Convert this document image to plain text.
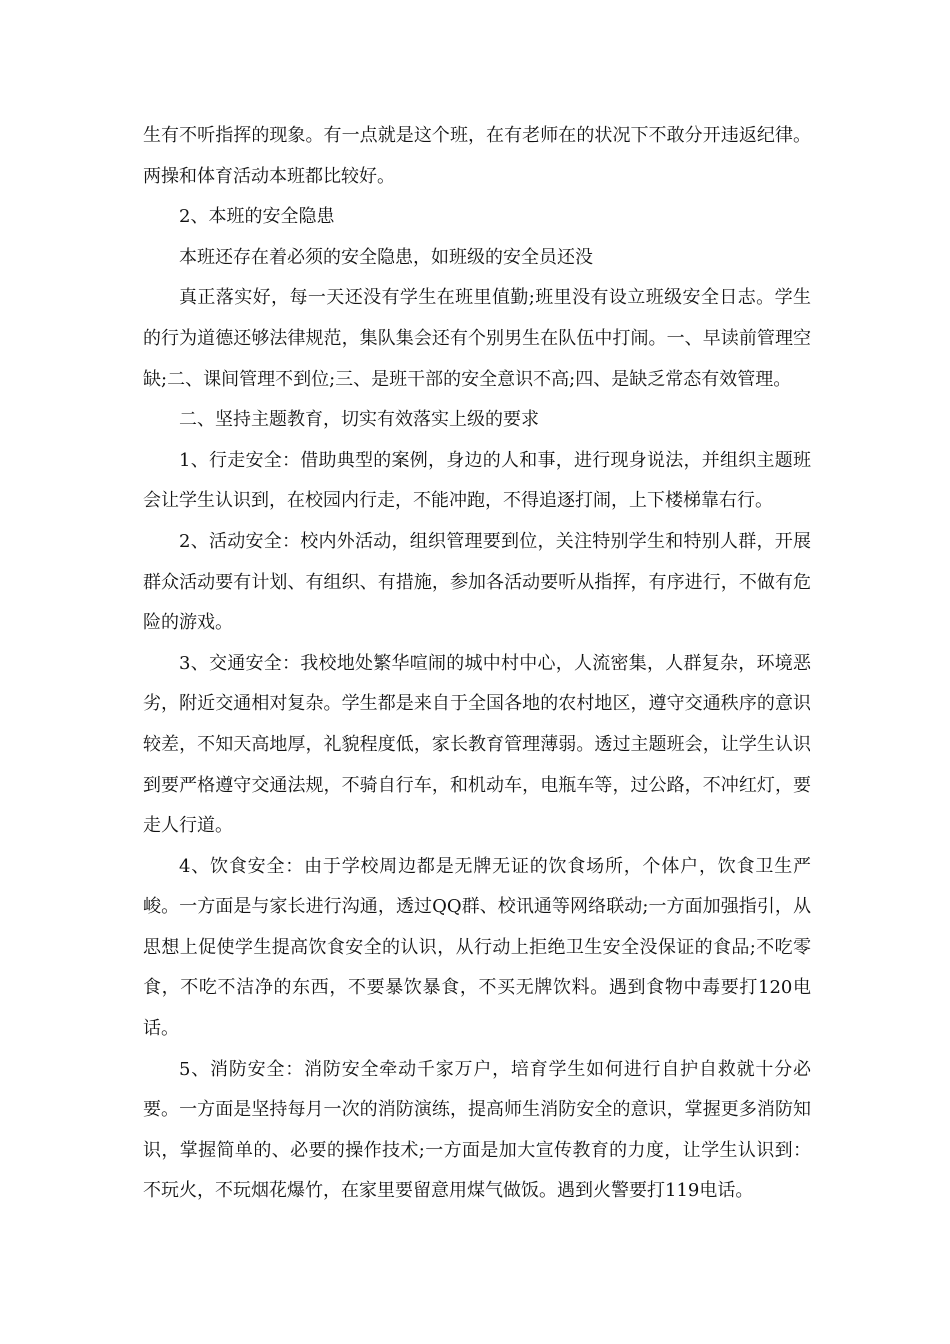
生有不听指挥的现象。有一点就是这个班，在有老师在的状况下不敢分开违返纪律。两操和体育活动本班都比较好。

2、本班的安全隐患

本班还存在着必须的安全隐患，如班级的安全员还没

真正落实好，每一天还没有学生在班里值勤;班里没有设立班级安全日志。学生的行为道德还够法律规范，集队集会还有个别男生在队伍中打闹。一、早读前管理空缺;二、课间管理不到位;三、是班干部的安全意识不高;四、是缺乏常态有效管理。

二、坚持主题教育，切实有效落实上级的要求

1、行走安全：借助典型的案例，身边的人和事，进行现身说法，并组织主题班会让学生认识到，在校园内行走，不能冲跑，不得追逐打闹，上下楼梯靠右行。

2、活动安全：校内外活动，组织管理要到位，关注特别学生和特别人群，开展群众活动要有计划、有组织、有措施，参加各活动要听从指挥，有序进行，不做有危险的游戏。

3、交通安全：我校地处繁华喧闹的城中村中心，人流密集，人群复杂，环境恶劣，附近交通相对复杂。学生都是来自于全国各地的农村地区，遵守交通秩序的意识较差，不知天高地厚，礼貌程度低，家长教育管理薄弱。透过主题班会，让学生认识到要严格遵守交通法规，不骑自行车，和机动车，电瓶车等，过公路，不冲红灯，要走人行道。

4、饮食安全：由于学校周边都是无牌无证的饮食场所，个体户，饮食卫生严峻。一方面是与家长进行沟通，透过QQ群、校讯通等网络联动;一方面加强指引，从思想上促使学生提高饮食安全的认识，从行动上拒绝卫生安全没保证的食品;不吃零食，不吃不洁净的东西，不要暴饮暴食，不买无牌饮料。遇到食物中毒要打120电话。

5、消防安全：消防安全牵动千家万户，培育学生如何进行自护自救就十分必要。一方面是坚持每月一次的消防演练，提高师生消防安全的意识，掌握更多消防知识，掌握简单的、必要的操作技术;一方面是加大宣传教育的力度，让学生认识到：不玩火，不玩烟花爆竹，在家里要留意用煤气做饭。遇到火警要打119电话。
